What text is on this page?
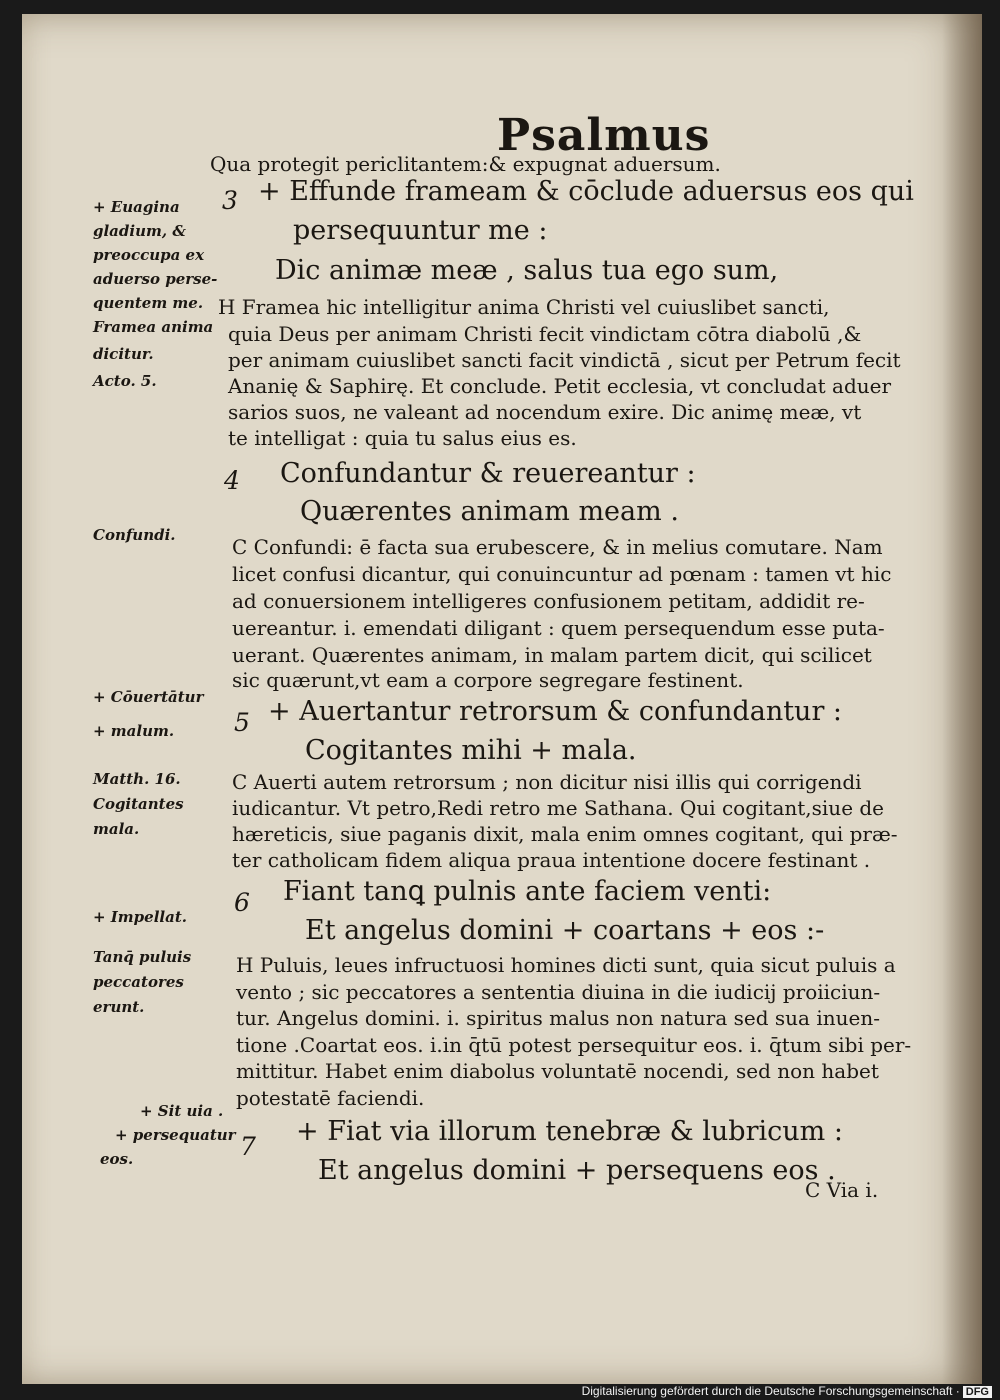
Psalmus
Qua protegit periclitantem:& expugnat aduersum.
3 + Effunde frameam & cōclude aduersus eos qui
persequuntur me :
Dic animæ meæ , salus tua ego sum,
H Framea hic intelligitur anima Christi vel cuiuslibet sancti,
quia Deus per animam Christi fecit vindictam cōtra diabolū ,&
per animam cuiuslibet sancti facit vindictā , sicut per Petrum fecit
Ananię & Saphirę. Et conclude. Petit ecclesia, vt concludat aduer
sarios suos, ne valeant ad nocendum exire. Dic animę meæ, vt
te intelligat : quia tu salus eius es.
4 Confundantur & reuereantur :
Quærentes animam meam .
C Confundi: ē facta sua erubescere, & in melius comutare. Nam
licet confusi dicantur, qui conuincuntur ad pœnam : tamen vt hic
ad conuersionem intelligeres confusionem petitam, addidit re-
uereantur. i. emendati diligant : quem persequendum esse puta-
uerant. Quærentes animam, in malam partem dicit, qui scilicet
sic quærunt,vt eam a corpore segregare festinent.
5 + Auertantur retrorsum & confundantur :
Cogitantes mihi + mala.
C Auerti autem retrorsum ; non dicitur nisi illis qui corrigendi
iudicantur. Vt petro,Redi retro me Sathana. Qui cogitant,siue de
hæreticis, siue paganis dixit, mala enim omnes cogitant, qui præ-
ter catholicam fidem aliqua praua intentione docere festinant .
6 Fiant tanꝗ pulnis ante faciem venti:
Et angelus domini + coartans + eos :-
H Puluis, leues infructuosi homines dicti sunt, quia sicut puluis a
vento ; sic peccatores a sententia diuina in die iudicij proiiciun-
tur. Angelus domini. i. spiritus malus non natura sed sua inuen-
tione .Coartat eos. i.in q̄tū potest persequitur eos. i. q̄tum sibi per-
mittitur. Habet enim diabolus voluntatē nocendi, sed non habet
potestatē faciendi.
7 + Fiat via illorum tenebræ & lubricum :
Et angelus domini + persequens eos .
C Via i.
+ Euagina
gladium, &
preoccupa ex
aduerso perse-
quentem me.
Framea anima
dicitur.
Acto. 5.
Confundi.
+ Cōuertātur
+ malum.
Matth. 16.
Cogitantes
mala.
+ Impellat.
Tanq̄ puluis
peccatores
erunt.
+ Sit uia .
+ persequatur
eos.
Digitalisierung gefördert durch die Deutsche Forschungsgemeinschaft · DFG
